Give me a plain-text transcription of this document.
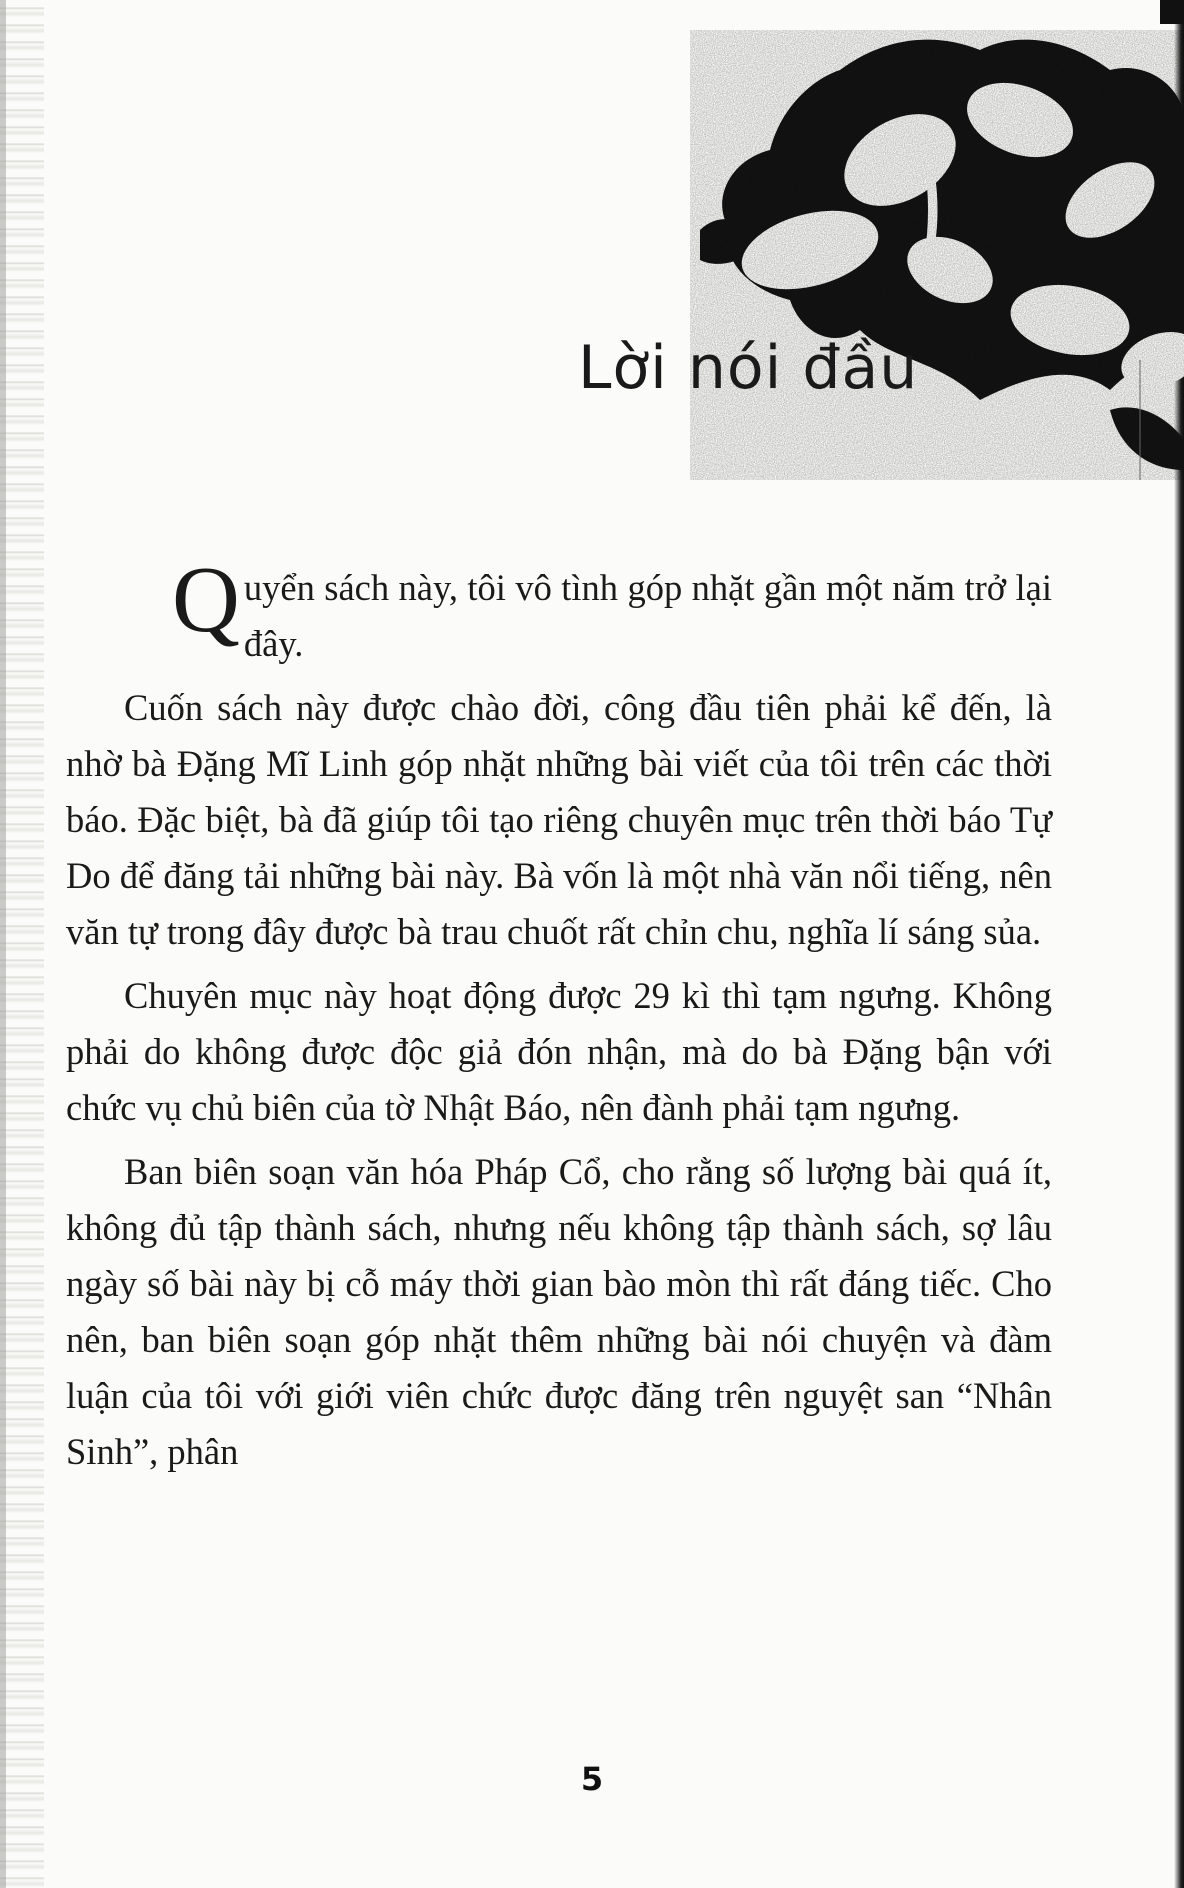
Lời nói đầu

Quyển sách này, tôi vô tình góp nhặt gần một năm trở lại đây.

Cuốn sách này được chào đời, công đầu tiên phải kể đến, là nhờ bà Đặng Mĩ Linh góp nhặt những bài viết của tôi trên các thời báo. Đặc biệt, bà đã giúp tôi tạo riêng chuyên mục trên thời báo Tự Do để đăng tải những bài này. Bà vốn là một nhà văn nổi tiếng, nên văn tự trong đây được bà trau chuốt rất chỉn chu, nghĩa lí sáng sủa.

Chuyên mục này hoạt động được 29 kì thì tạm ngưng. Không phải do không được độc giả đón nhận, mà do bà Đặng bận với chức vụ chủ biên của tờ Nhật Báo, nên đành phải tạm ngưng.

Ban biên soạn văn hóa Pháp Cổ, cho rằng số lượng bài quá ít, không đủ tập thành sách, nhưng nếu không tập thành sách, sợ lâu ngày số bài này bị cỗ máy thời gian bào mòn thì rất đáng tiếc. Cho nên, ban biên soạn góp nhặt thêm những bài nói chuyện và đàm luận của tôi với giới viên chức được đăng trên nguyệt san “Nhân Sinh”, phân

5
